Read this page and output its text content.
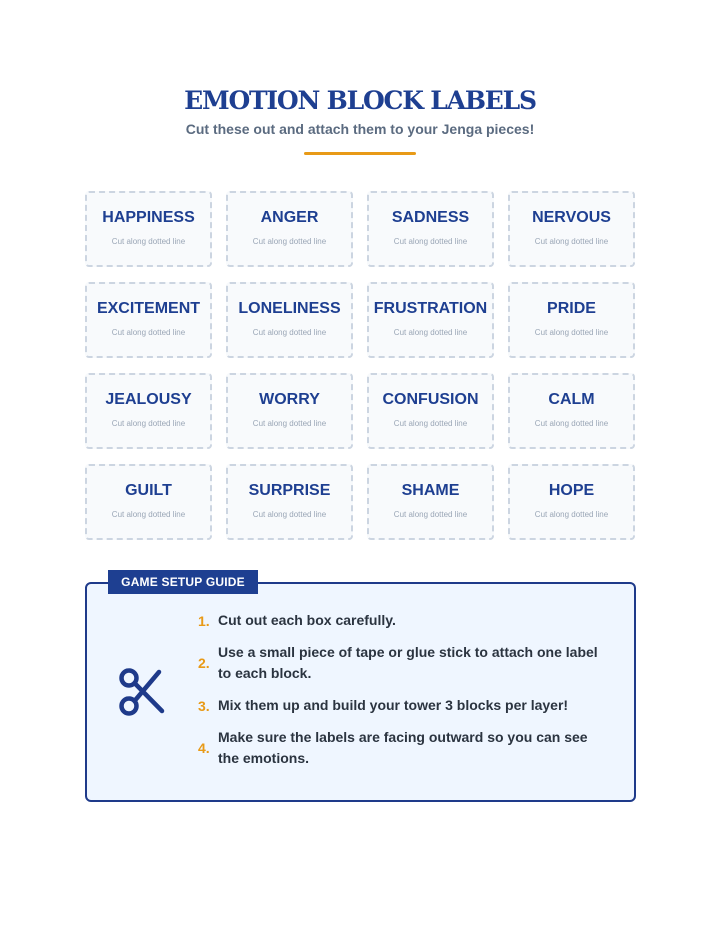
EMOTION BLOCK LABELS
Cut these out and attach them to your Jenga pieces!
HAPPINESS
Cut along dotted line
ANGER
Cut along dotted line
SADNESS
Cut along dotted line
NERVOUS
Cut along dotted line
EXCITEMENT
Cut along dotted line
LONELINESS
Cut along dotted line
FRUSTRATION
Cut along dotted line
PRIDE
Cut along dotted line
JEALOUSY
Cut along dotted line
WORRY
Cut along dotted line
CONFUSION
Cut along dotted line
CALM
Cut along dotted line
GUILT
Cut along dotted line
SURPRISE
Cut along dotted line
SHAME
Cut along dotted line
HOPE
Cut along dotted line
GAME SETUP GUIDE
1. Cut out each box carefully.
2.
Use a small piece of tape or glue stick to attach one label to each block.
3. Mix them up and build your tower 3 blocks per layer!
4.
Make sure the labels are facing outward so you can see the emotions.
